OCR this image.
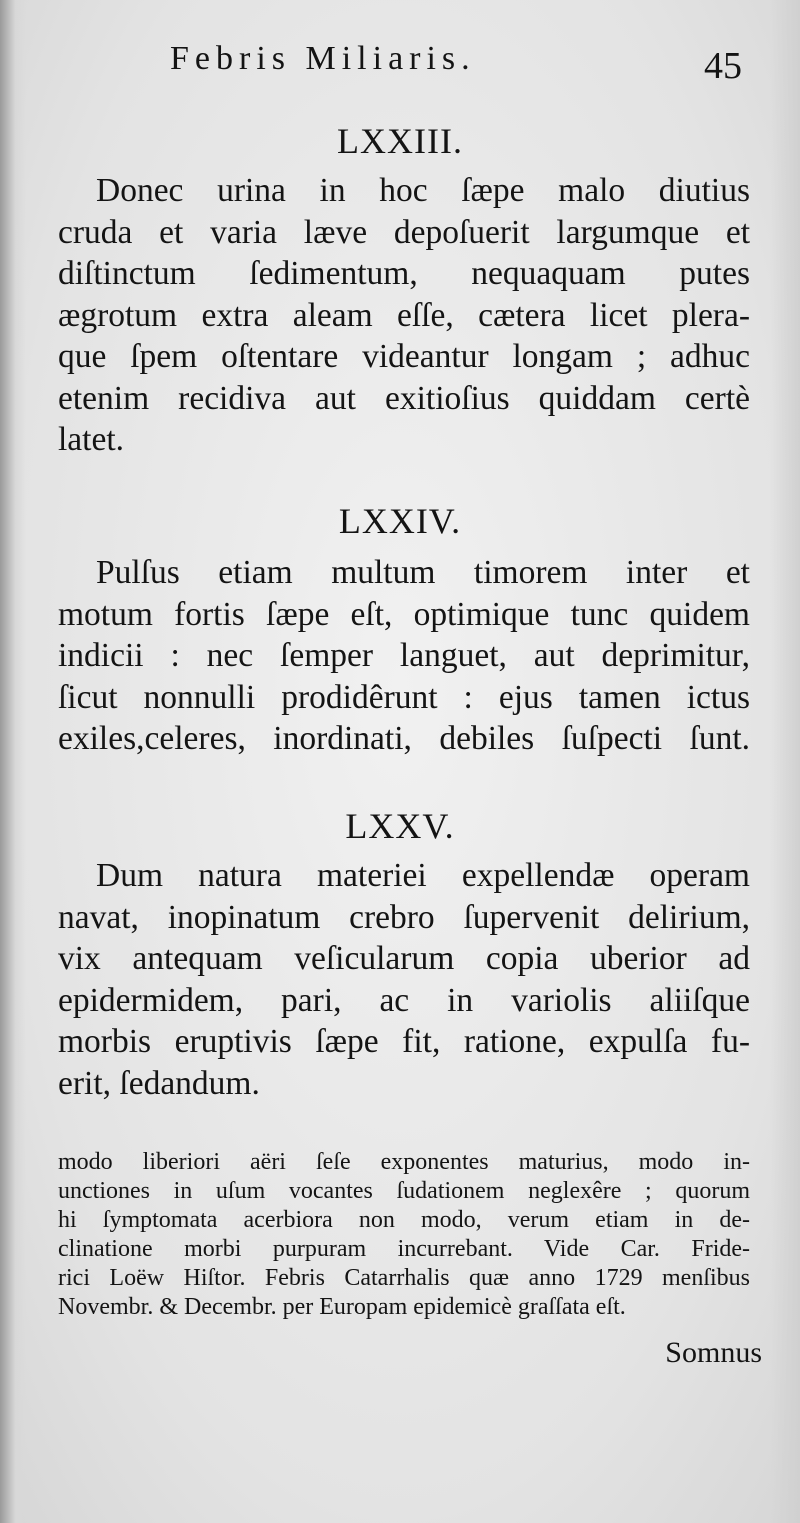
Febris Miliaris.	45
LXXIII.
Donec urina in hoc ſæpe malo diutius
cruda et varia læve depoſuerit largumque et
diſtinctum ſedimentum, nequaquam putes
ægrotum extra aleam eſſe, cætera licet plera-
que ſpem oſtentare videantur longam ; adhuc
etenim recidiva aut exitioſius quiddam certè
latet.
LXXIV.
Pulſus etiam multum timorem inter et
motum fortis ſæpe eſt, optimique tunc quidem
indicii : nec ſemper languet, aut deprimitur,
ſicut nonnulli prodidêrunt : ejus tamen ictus
exiles,celeres, inordinati, debiles ſuſpecti ſunt.
LXXV.
Dum natura materiei expellendæ operam
navat, inopinatum crebro ſupervenit delirium,
vix antequam veſicularum copia uberior ad
epidermidem, pari, ac in variolis aliiſque
morbis eruptivis ſæpe fit, ratione, expulſa fu-
erit, ſedandum.
modo liberiori aëri ſeſe exponentes maturius, modo in-
unctiones in uſum vocantes ſudationem neglexêre ; quorum
hi ſymptomata acerbiora non modo, verum etiam in de-
clinatione morbi purpuram incurrebant. Vide Car. Fride-
rici Loëw Hiſtor. Febris Catarrhalis quæ anno 1729 menſibus
Novembr. & Decembr. per Europam epidemicè graſſata eſt.
Somnus
